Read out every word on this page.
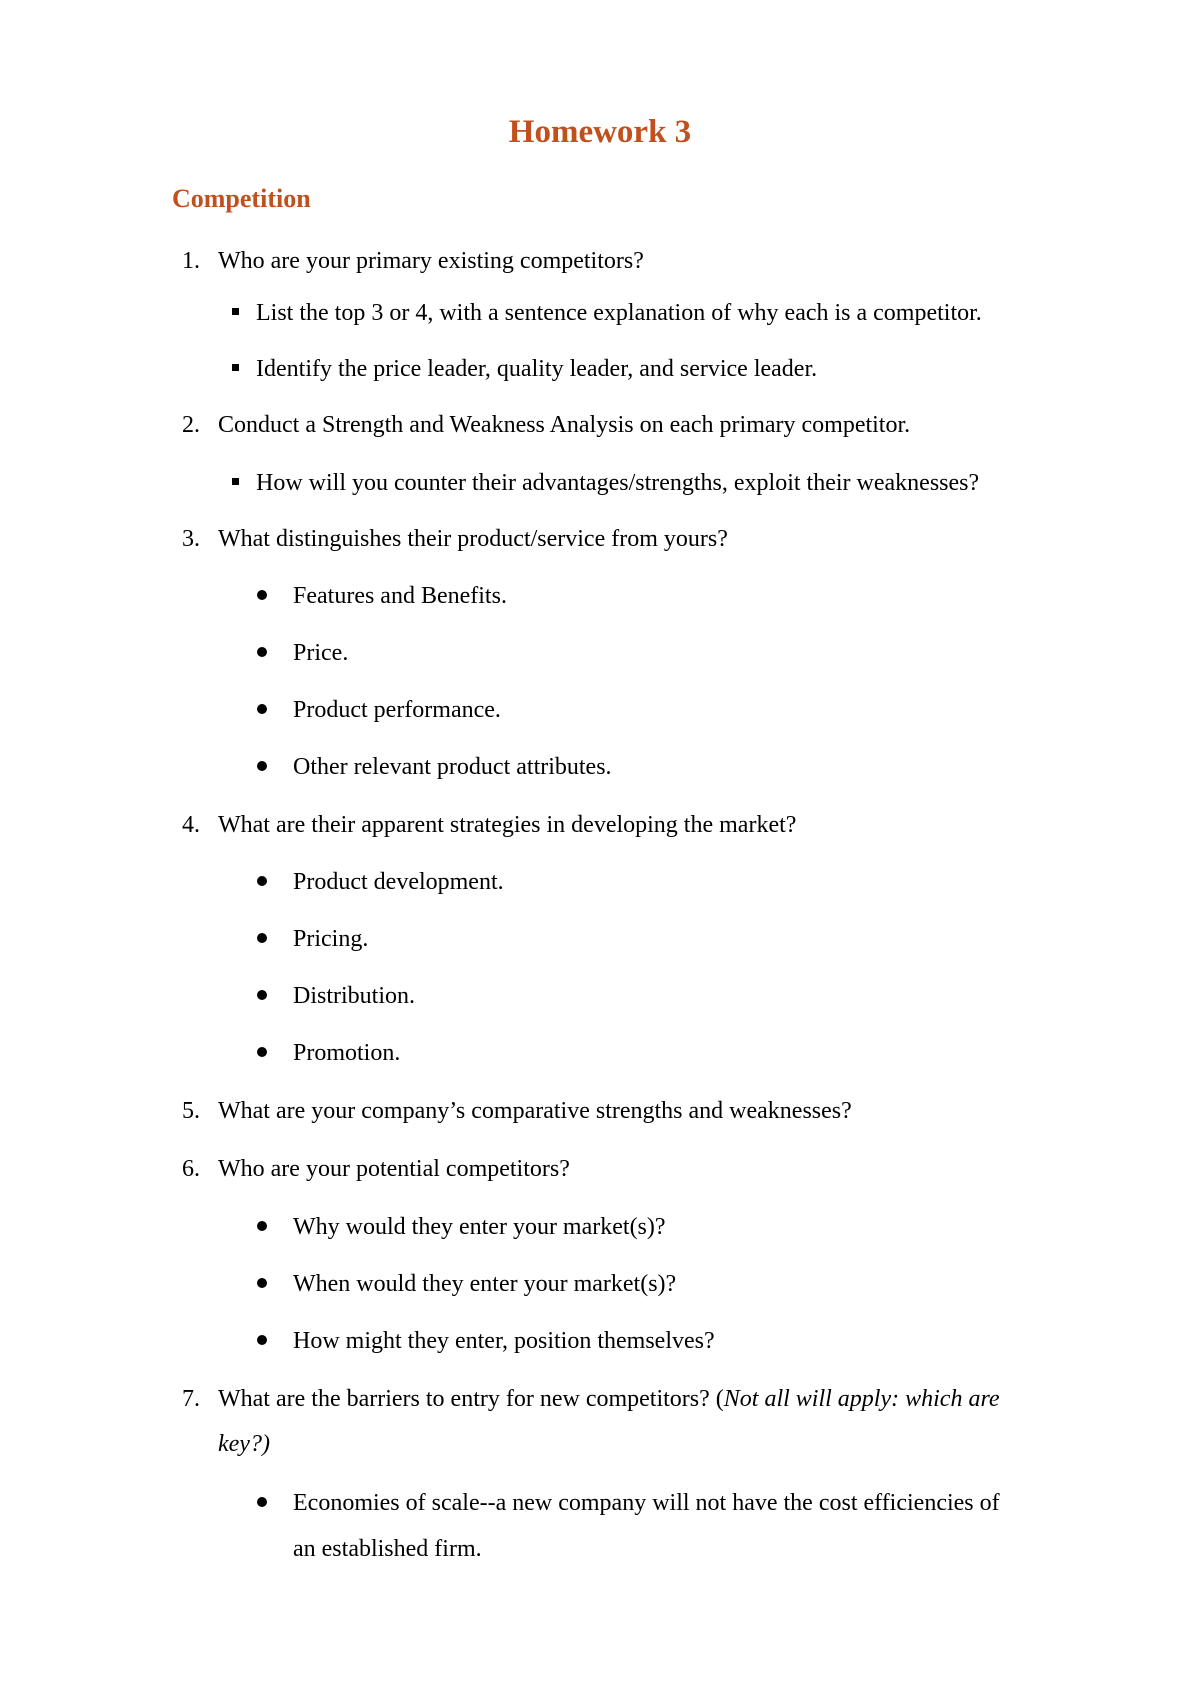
Homework 3
Competition
1. Who are your primary existing competitors?
List the top 3 or 4, with a sentence explanation of why each is a competitor.
Identify the price leader, quality leader, and service leader.
2. Conduct a Strength and Weakness Analysis on each primary competitor.
How will you counter their advantages/strengths, exploit their weaknesses?
3. What distinguishes their product/service from yours?
Features and Benefits.
Price.
Product performance.
Other relevant product attributes.
4. What are their apparent strategies in developing the market?
Product development.
Pricing.
Distribution.
Promotion.
5. What are your company’s comparative strengths and weaknesses?
6. Who are your potential competitors?
Why would they enter your market(s)?
When would they enter your market(s)?
How might they enter, position themselves?
7. What are the barriers to entry for new competitors? (Not all will apply: which are
key?)
Economies of scale--a new company will not have the cost efficiencies of
an established firm.
